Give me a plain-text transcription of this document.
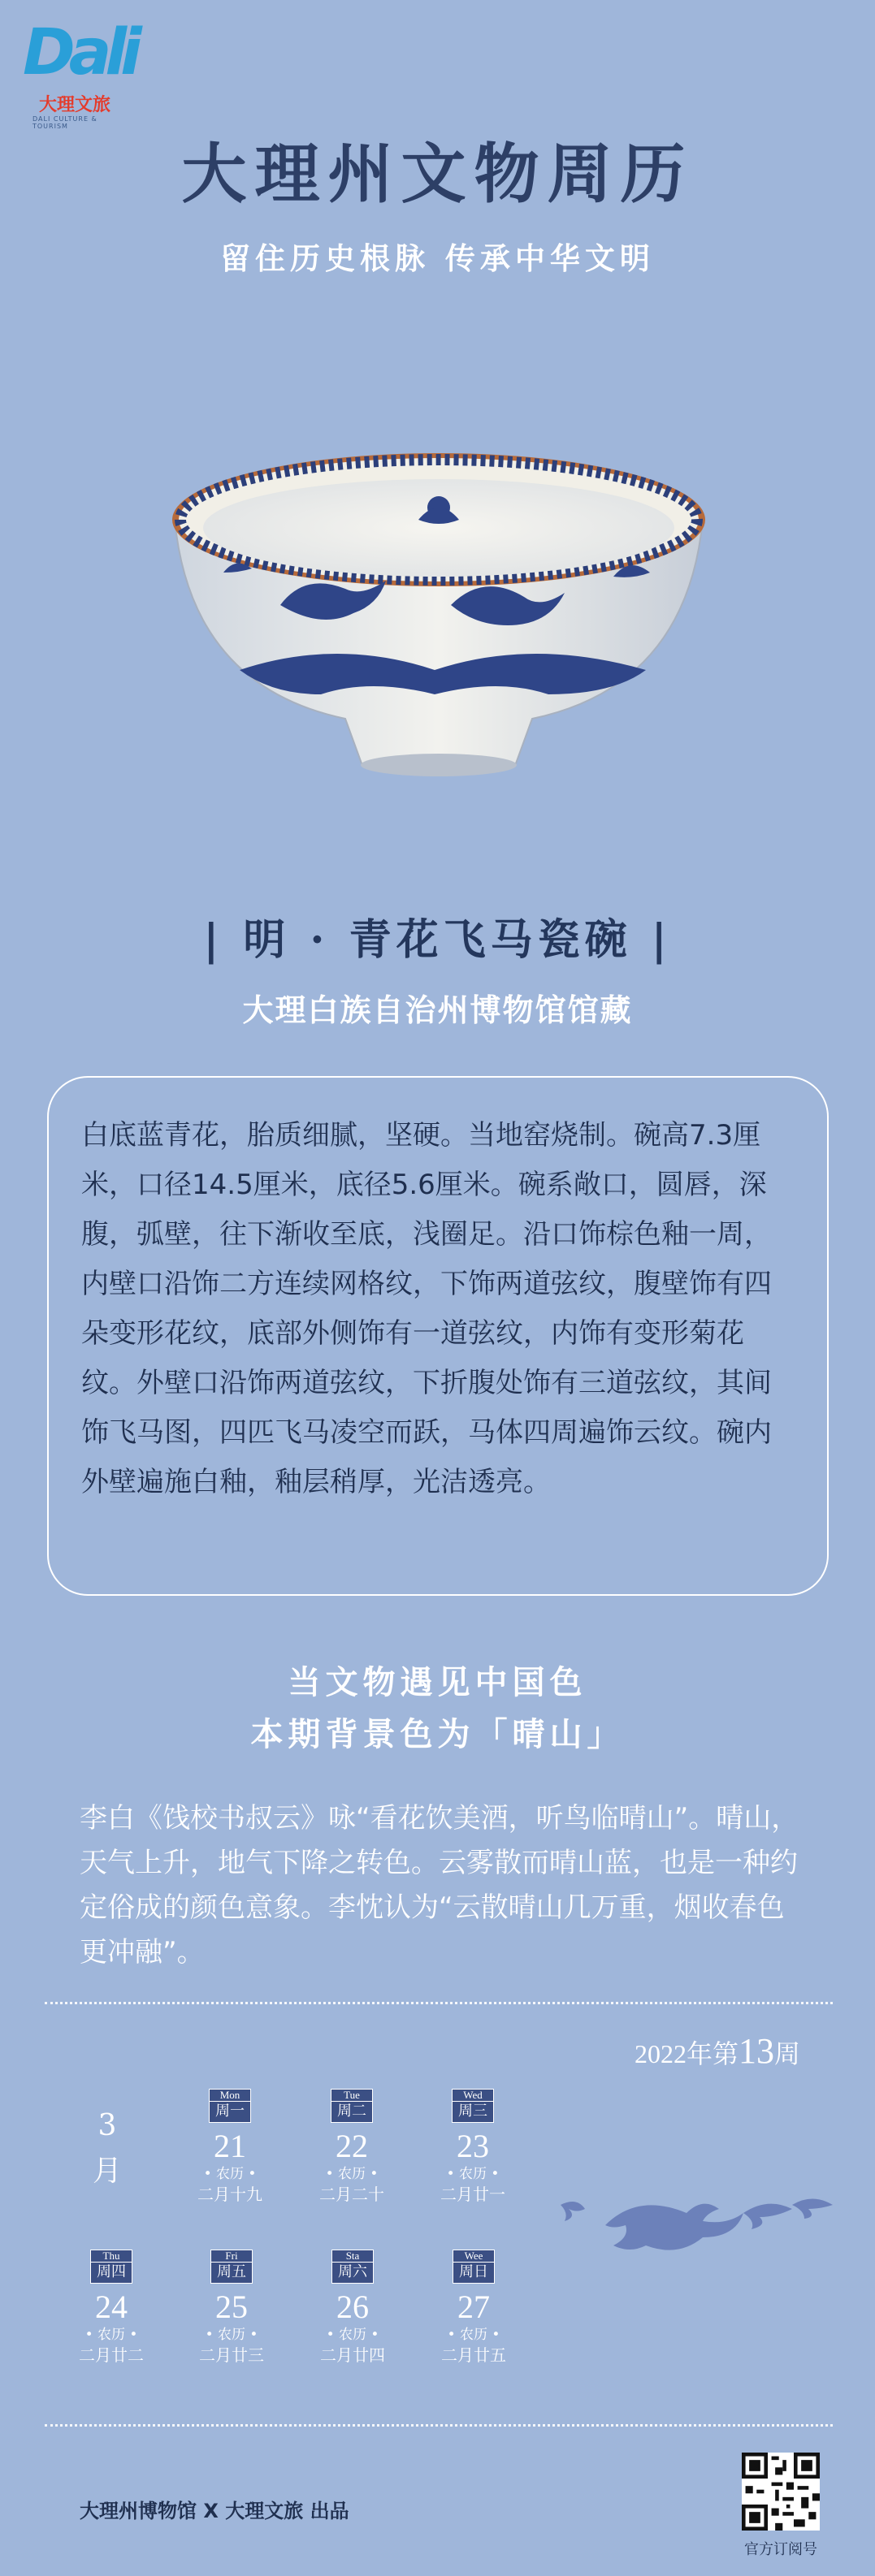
Dali
大理文旅
DALI CULTURE & TOURISM
大理州文物周历
留住历史根脉 传承中华文明
| 明 · 青花飞马瓷碗 |
大理白族自治州博物馆馆藏
白底蓝青花，胎质细腻，坚硬。当地窑烧制。碗高7.3厘米，口径14.5厘米，底径5.6厘米。碗系敞口，圆唇，深腹，弧壁，往下渐收至底，浅圈足。沿口饰棕色釉一周，内壁口沿饰二方连续网格纹，下饰两道弦纹，腹壁饰有四朵变形花纹，底部外侧饰有一道弦纹，内饰有变形菊花纹。外壁口沿饰两道弦纹，下折腹处饰有三道弦纹，其间饰飞马图，四匹飞马凌空而跃，马体四周遍饰云纹。碗内外壁遍施白釉，釉层稍厚，光洁透亮。
当文物遇见中国色
本期背景色为「晴山」
李白《饯校书叔云》咏“看花饮美酒，听鸟临晴山”。晴山，天气上升，地气下降之转色。云雾散而晴山蓝，也是一种约定俗成的颜色意象。李忱认为“云散晴山几万重，烟收春色更冲融”。
2022年第13周
3
月
Mon
周一
21
• 农历 •
二月十九
Tue
周二
22
• 农历 •
二月二十
Wed
周三
23
• 农历 •
二月廿一
Thu
周四
24
• 农历 •
二月廿二
Fri
周五
25
• 农历 •
二月廿三
Sta
周六
26
• 农历 •
二月廿四
Wee
周日
27
• 农历 •
二月廿五
大理州博物馆 X 大理文旅 出品
官方订阅号
